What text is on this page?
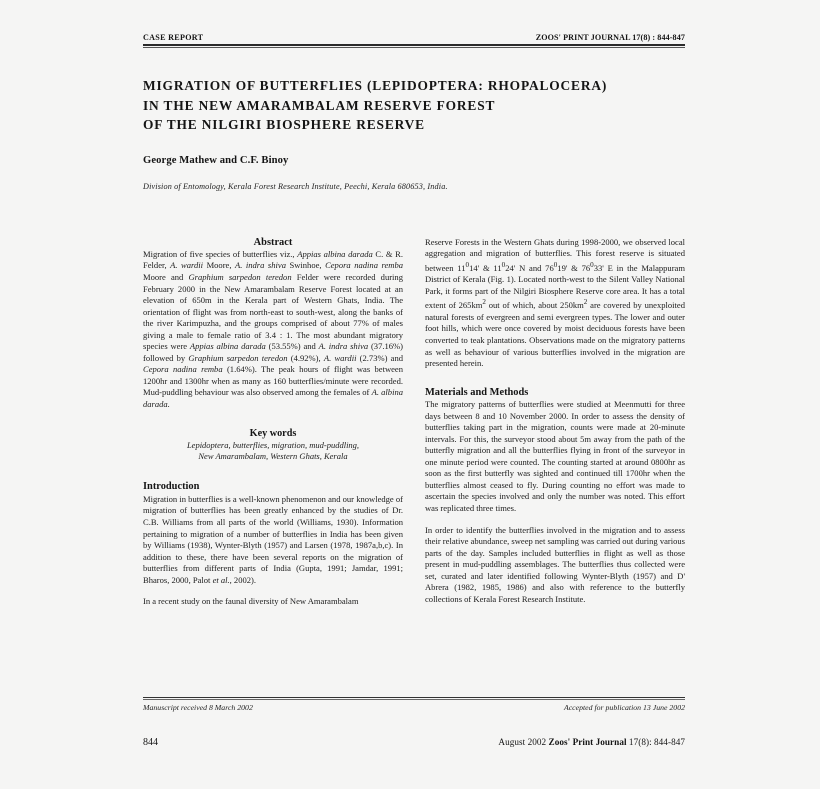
CASE REPORT	ZOOS' PRINT JOURNAL 17(8) : 844-847
MIGRATION OF BUTTERFLIES (LEPIDOPTERA: RHOPALOCERA)
IN THE NEW AMARAMBALAM RESERVE FOREST
OF THE NILGIRI BIOSPHERE RESERVE
George Mathew and C.F. Binoy
Division of Entomology, Kerala Forest Research Institute, Peechi, Kerala 680653, India.
Abstract

Migration of five species of butterflies viz., Appias albina darada C. & R. Felder, A. wardii Moore, A. indra shiva Swinhoe, Cepora nadina remba Moore and Graphium sarpedon teredon Felder were recorded during February 2000 in the New Amarambalam Reserve Forest located at an elevation of 650m in the Kerala part of Western Ghats, India. The orientation of flight was from north-east to south-west, along the banks of the river Karimpuzha, and the groups comprised of about 77% of males giving a male to female ratio of 3.4 : 1. The most abundant migratory species were Appias albina darada (53.55%) and A. indra shiva (37.16%) followed by Graphium sarpedon teredon (4.92%), A. wardii (2.73%) and Cepora nadina remba (1.64%). The peak hours of flight was between 1200hr and 1300hr when as many as 160 butterflies/minute were recorded. Mud-puddling behaviour was also observed among the females of A. albina darada.

Key words
Lepidoptera, butterflies, migration, mud-puddling,
New Amarambalam, Western Ghats, Kerala
Introduction

Migration in butterflies is a well-known phenomenon and our knowledge of migration of butterflies has been greatly enhanced by the studies of Dr. C.B. Williams from all parts of the world (Williams, 1930). Information pertaining to migration of a number of butterflies in India has been given by Williams (1938), Wynter-Blyth (1957) and Larsen (1978, 1987a,b,c). In addition to these, there have been several reports on the migration of butterflies from different parts of India (Gupta, 1991; Jamdar, 1991; Bharos, 2000, Palot et al., 2002).

In a recent study on the faunal diversity of New Amarambalam

Reserve Forests in the Western Ghats during 1998-2000, we observed local aggregation and migration of butterflies. This forest reserve is situated between $11^014'$ & $11^024'$ N and $76^019'$ & $76^033'$ E in the Malappuram District of Kerala (Fig. 1). Located north-west to the Silent Valley National Park, it forms part of the Nilgiri Biosphere Reserve core area. It has a total extent of $265km^2$ out of which, about $250km^2$ are covered by unexploited natural forests of evergreen and semi evergreen types. The lower and outer foot hills, which were once covered by moist deciduous forests have been converted to teak plantations. Observations made on the migratory patterns as well as behaviour of various butterflies involved in the migration are presented herein.

Materials and Methods

The migratory patterns of butterflies were studied at Meenmutti for three days between 8 and 10 November 2000. In order to assess the density of butterflies taking part in the migration, counts were made at 20-minute intervals. For this, the surveyor stood about 5m away from the path of the butterfly migration and all the butterflies flying in front of the surveyor in one minute period were counted. The counting started at around 0800hr as soon as the first butterfly was sighted and continued till 1700hr when the butterflies almost ceased to fly. During counting no effort was made to ascertain the species involved and only the number was noted. This effort was replicated three times.

In order to identify the butterflies involved in the migration and to assess their relative abundance, sweep net sampling was carried out during various parts of the day. Samples included butterflies in flight as well as those present in mud-puddling assemblages. The butterflies thus collected were set, curated and later identified following Wynter-Blyth (1957) and D' Abrera (1982, 1985, 1986) and also with reference to the butterfly collections of Kerala Forest Research Institute.

Manuscript received 8 March 2002	Accepted for publication 13 June 2002
844	August 2002 Zoos' Print Journal 17(8): 844-847
